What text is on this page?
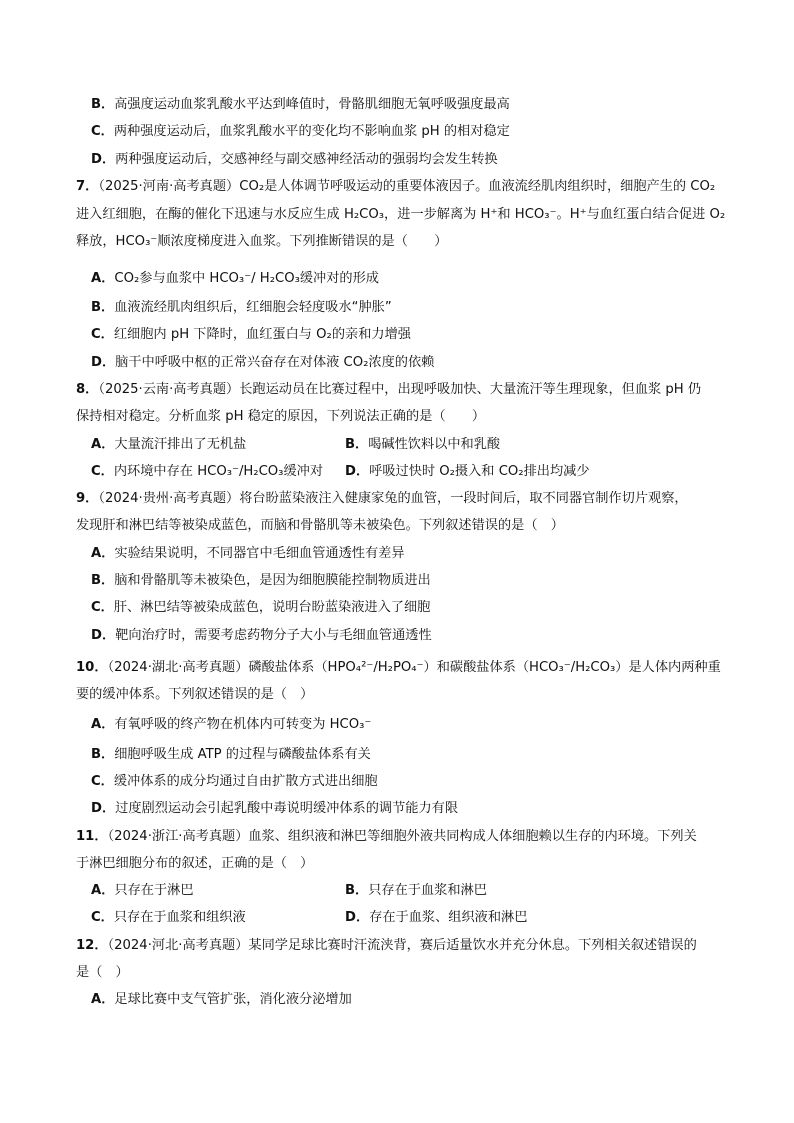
B．高强度运动血浆乳酸水平达到峰值时，骨骼肌细胞无氧呼吸强度最高
C．两种强度运动后，血浆乳酸水平的变化均不影响血浆 pH 的相对稳定
D．两种强度运动后，交感神经与副交感神经活动的强弱均会发生转换
7．（2025·河南·高考真题）CO₂是人体调节呼吸运动的重要体液因子。血液流经肌肉组织时，细胞产生的 CO₂
进入红细胞，在酶的催化下迅速与水反应生成 H₂CO₃，进一步解离为 H⁺和 HCO₃⁻。H⁺与血红蛋白结合促进 O₂
释放，HCO₃⁻顺浓度梯度进入血浆。下列推断错误的是（　　）
A．CO₂参与血浆中 HCO₃⁻/ H₂CO₃缓冲对的形成
B．血液流经肌肉组织后，红细胞会轻度吸水“肿胀”
C．红细胞内 pH 下降时，血红蛋白与 O₂的亲和力增强
D．脑干中呼吸中枢的正常兴奋存在对体液 CO₂浓度的依赖
8．（2025·云南·高考真题）长跑运动员在比赛过程中，出现呼吸加快、大量流汗等生理现象，但血浆 pH 仍
保持相对稳定。分析血浆 pH 稳定的原因，下列说法正确的是（　　）
A．大量流汗排出了无机盐	B．喝碱性饮料以中和乳酸
C．内环境中存在 HCO₃⁻/H₂CO₃缓冲对 D．呼吸过快时 O₂摄入和 CO₂排出均减少
9．（2024·贵州·高考真题）将台盼蓝染液注入健康家兔的血管，一段时间后，取不同器官制作切片观察，
发现肝和淋巴结等被染成蓝色，而脑和骨骼肌等未被染色。下列叙述错误的是（　）
A．实验结果说明，不同器官中毛细血管通透性有差异
B．脑和骨骼肌等未被染色，是因为细胞膜能控制物质进出
C．肝、淋巴结等被染成蓝色，说明台盼蓝染液进入了细胞
D．靶向治疗时，需要考虑药物分子大小与毛细血管通透性
10．（2024·湖北·高考真题）磷酸盐体系（HPO₄²⁻/H₂PO₄⁻）和碳酸盐体系（HCO₃⁻/H₂CO₃）是人体内两种重
要的缓冲体系。下列叙述错误的是（　）
A．有氧呼吸的终产物在机体内可转变为 HCO₃⁻
B．细胞呼吸生成 ATP 的过程与磷酸盐体系有关
C．缓冲体系的成分均通过自由扩散方式进出细胞
D．过度剧烈运动会引起乳酸中毒说明缓冲体系的调节能力有限
11．（2024·浙江·高考真题）血浆、组织液和淋巴等细胞外液共同构成人体细胞赖以生存的内环境。下列关
于淋巴细胞分布的叙述，正确的是（　）
A．只存在于淋巴	B．只存在于血浆和淋巴
C．只存在于血浆和组织液	D．存在于血浆、组织液和淋巴
12．（2024·河北·高考真题）某同学足球比赛时汗流浃背，赛后适量饮水并充分休息。下列相关叙述错误的
是（　）
A．足球比赛中支气管扩张，消化液分泌增加
